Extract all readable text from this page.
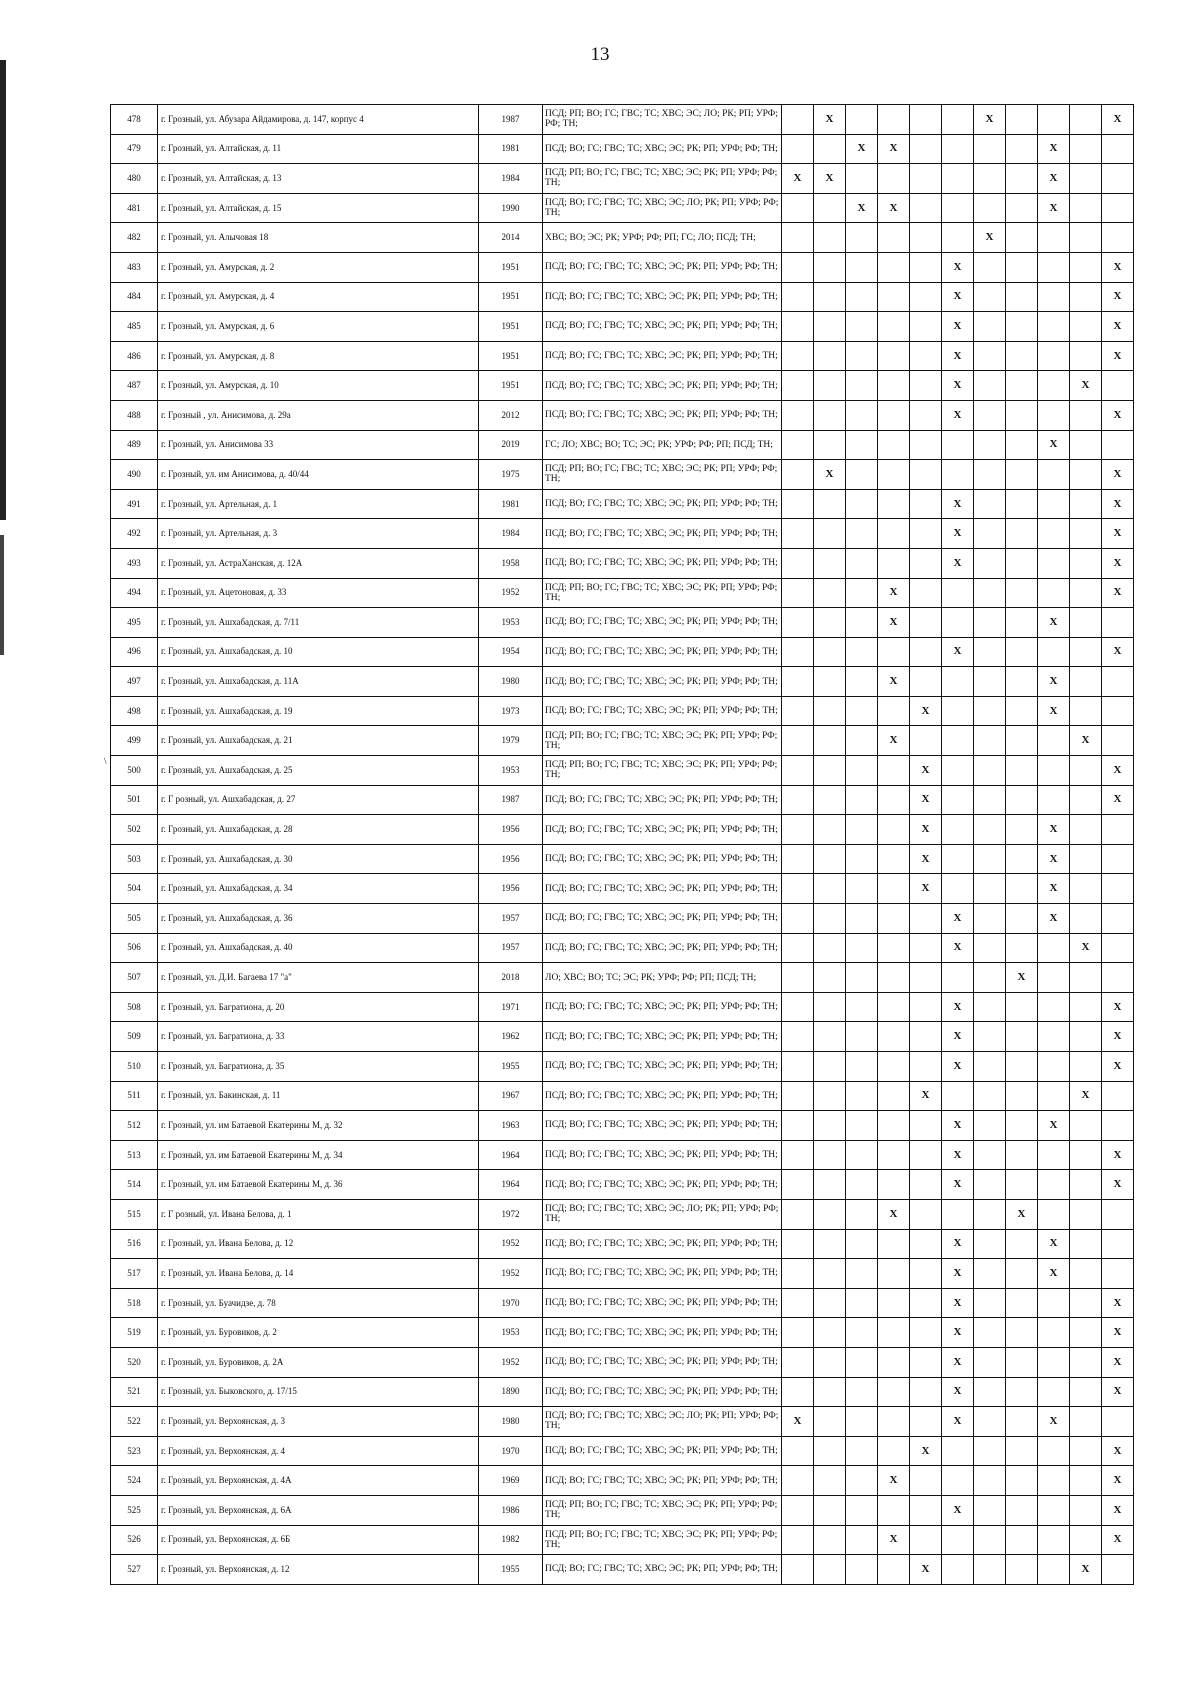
13
\
478	г. Грозный, ул. Абузара Айдамирова, д. 147, корпус 4	1987	ПСД; РП; ВО; ГС; ГВС; ТС; ХВС; ЭС; ЛО; РК; РП; УРФ; РФ; ТН;		X					X				X
479	г. Грозный, ул. Алтайская, д. 11	1981	ПСД; ВО; ГС; ГВС; ТС; ХВС; ЭС; РК; РП; УРФ; РФ; ТН;			X	X					X		
480	г. Грозный, ул. Алтайская, д. 13	1984	ПСД; РП; ВО; ГС; ГВС; ТС; ХВС; ЭС; РК; РП; УРФ; РФ; ТН;	X	X							X		
481	г. Грозный, ул. Алтайская, д. 15	1990	ПСД; ВО; ГС; ГВС; ТС; ХВС; ЭС; ЛО; РК; РП; УРФ; РФ; ТН;			X	X					X		
482	г. Грозный, ул. Алычовая 18	2014	ХВС; ВО; ЭС; РК; УРФ; РФ; РП; ГС; ЛО; ПСД; ТН;							X				
483	г. Грозный, ул. Амурская, д. 2	1951	ПСД; ВО; ГС; ГВС; ТС; ХВС; ЭС; РК; РП; УРФ; РФ; ТН;						X					X
484	г. Грозный, ул. Амурская, д. 4	1951	ПСД; ВО; ГС; ГВС; ТС; ХВС; ЭС; РК; РП; УРФ; РФ; ТН;						X					X
485	г. Грозный, ул. Амурская, д. 6	1951	ПСД; ВО; ГС; ГВС; ТС; ХВС; ЭС; РК; РП; УРФ; РФ; ТН;						X					X
486	г. Грозный, ул. Амурская, д. 8	1951	ПСД; ВО; ГС; ГВС; ТС; ХВС; ЭС; РК; РП; УРФ; РФ; ТН;						X					X
487	г. Грозный, ул. Амурская, д. 10	1951	ПСД; ВО; ГС; ГВС; ТС; ХВС; ЭС; РК; РП; УРФ; РФ; ТН;						X				X	
488	г. Грозный , ул. Анисимова, д. 29а	2012	ПСД; ВО; ГС; ГВС; ТС; ХВС; ЭС; РК; РП; УРФ; РФ; ТН;						X					X
489	г. Грозный, ул. Анисимова 33	2019	ГС; ЛО; ХВС; ВО; ТС; ЭС; РК; УРФ; РФ; РП; ПСД; ТН;									X		
490	г. Грозный, ул. им Анисимова, д. 40/44	1975	ПСД; РП; ВО; ГС; ГВС; ТС; ХВС; ЭС; РК; РП; УРФ; РФ; ТН;		X									X
491	г. Грозный, ул. Артельная, д. 1	1981	ПСД; ВО; ГС; ГВС; ТС; ХВС; ЭС; РК; РП; УРФ; РФ; ТН;						X					X
492	г. Грозный, ул. Артельная, д. 3	1984	ПСД; ВО; ГС; ГВС; ТС; ХВС; ЭС; РК; РП; УРФ; РФ; ТН;						X					X
493	г. Грозный, ул. АстраХанская, д. 12А	1958	ПСД; ВО; ГС; ГВС; ТС; ХВС; ЭС; РК; РП; УРФ; РФ; ТН;						X					X
494	г. Грозный, ул. Ацетоновая, д. 33	1952	ПСД; РП; ВО; ГС; ГВС; ТС; ХВС; ЭС; РК; РП; УРФ; РФ; ТН;				X							X
495	г. Грозный, ул. Ашхабадская, д. 7/11	1953	ПСД; ВО; ГС; ГВС; ТС; ХВС; ЭС; РК; РП; УРФ; РФ; ТН;				X					X		
496	г. Грозный, ул. Ашхабадская, д. 10	1954	ПСД; ВО; ГС; ГВС; ТС; ХВС; ЭС; РК; РП; УРФ; РФ; ТН;						X					X
497	г. Грозный, ул. Ашхабадская, д. 11А	1980	ПСД; ВО; ГС; ГВС; ТС; ХВС; ЭС; РК; РП; УРФ; РФ; ТН;				X					X		
498	г. Грозный, ул. Ашхабадская, д. 19	1973	ПСД; ВО; ГС; ГВС; ТС; ХВС; ЭС; РК; РП; УРФ; РФ; ТН;					X				X		
499	г. Грозный, ул. Ашхабадская, д. 21	1979	ПСД; РП; ВО; ГС; ГВС; ТС; ХВС; ЭС; РК; РП; УРФ; РФ; ТН;				X						X	
500	г. Грозный, ул. Ашхабадская, д. 25	1953	ПСД; РП; ВО; ГС; ГВС; ТС; ХВС; ЭС; РК; РП; УРФ; РФ; ТН;					X						X
501	г. Г розный, ул. Ашхабадская, д. 27	1987	ПСД; ВО; ГС; ГВС; ТС; ХВС; ЭС; РК; РП; УРФ; РФ; ТН;					X						X
502	г. Грозный, ул. Ашхабадская, д. 28	1956	ПСД; ВО; ГС; ГВС; ТС; ХВС; ЭС; РК; РП; УРФ; РФ; ТН;					X				X		
503	г. Грозный, ул. Ашхабадская, д. 30	1956	ПСД; ВО; ГС; ГВС; ТС; ХВС; ЭС; РК; РП; УРФ; РФ; ТН;					X				X		
504	г. Грозный, ул. Ашхабадская, д. 34	1956	ПСД; ВО; ГС; ГВС; ТС; ХВС; ЭС; РК; РП; УРФ; РФ; ТН;					X				X		
505	г. Грозный, ул. Ашхабадская, д. 36	1957	ПСД; ВО; ГС; ГВС; ТС; ХВС; ЭС; РК; РП; УРФ; РФ; ТН;						X			X		
506	г. Грозный, ул. Ашхабадская, д. 40	1957	ПСД; ВО; ГС; ГВС; ТС; ХВС; ЭС; РК; РП; УРФ; РФ; ТН;						X				X	
507	г. Грозный, ул. Д.И. Багаева 17 "а"	2018	ЛО; ХВС; ВО; ТС; ЭС; РК; УРФ; РФ; РП; ПСД; ТН;								X			
508	г. Грозный, ул. Багратиона, д. 20	1971	ПСД; ВО; ГС; ГВС; ТС; ХВС; ЭС; РК; РП; УРФ; РФ; ТН;						X					X
509	г. Грозный, ул. Багратиона, д. 33	1962	ПСД; ВО; ГС; ГВС; ТС; ХВС; ЭС; РК; РП; УРФ; РФ; ТН;						X					X
510	г. Грозный, ул. Багратиона, д. 35	1955	ПСД; ВО; ГС; ГВС; ТС; ХВС; ЭС; РК; РП; УРФ; РФ; ТН;						X					X
511	г. Грозный, ул. Бакинская, д. 11	1967	ПСД; ВО; ГС; ГВС; ТС; ХВС; ЭС; РК; РП; УРФ; РФ; ТН;					X					X	
512	г. Грозный, ул. им Батаевой Екатерины М, д. 32	1963	ПСД; ВО; ГС; ГВС; ТС; ХВС; ЭС; РК; РП; УРФ; РФ; ТН;						X			X		
513	г. Грозный, ул. им Батаевой Екатерины М, д. 34	1964	ПСД; ВО; ГС; ГВС; ТС; ХВС; ЭС; РК; РП; УРФ; РФ; ТН;						X					X
514	г. Грозный, ул. им Батаевой Екатерины М, д. 36	1964	ПСД; ВО; ГС; ГВС; ТС; ХВС; ЭС; РК; РП; УРФ; РФ; ТН;						X					X
515	г. Г розный, ул. Ивана Белова, д. 1	1972	ПСД; ВО; ГС; ГВС; ТС; ХВС; ЭС; ЛО; РК; РП; УРФ; РФ; ТН;				X				X			
516	г. Грозный, ул. Ивана Белова, д. 12	1952	ПСД; ВО; ГС; ГВС; ТС; ХВС; ЭС; РК; РП; УРФ; РФ; ТН;						X			X		
517	г. Грозный, ул. Ивана Белова, д. 14	1952	ПСД; ВО; ГС; ГВС; ТС; ХВС; ЭС; РК; РП; УРФ; РФ; ТН;						X			X		
518	г. Грозный, ул. Буачидзе, д. 78	1970	ПСД; ВО; ГС; ГВС; ТС; ХВС; ЭС; РК; РП; УРФ; РФ; ТН;						X					X
519	г. Грозный, ул. Буровиков, д. 2	1953	ПСД; ВО; ГС; ГВС; ТС; ХВС; ЭС; РК; РП; УРФ; РФ; ТН;						X					X
520	г. Грозный, ул. Буровиков, д. 2А	1952	ПСД; ВО; ГС; ГВС; ТС; ХВС; ЭС; РК; РП; УРФ; РФ; ТН;						X					X
521	г. Грозный, ул. Быковского, д. 17/15	1890	ПСД; ВО; ГС; ГВС; ТС; ХВС; ЭС; РК; РП; УРФ; РФ; ТН;						X					X
522	г. Грозный, ул. Верхоянская, д. 3	1980	ПСД; ВО; ГС; ГВС; ТС; ХВС; ЭС; ЛО; РК; РП; УРФ; РФ; ТН;	X					X			X		
523	г. Грозный, ул. Верхоянская, д. 4	1970	ПСД; ВО; ГС; ГВС; ТС; ХВС; ЭС; РК; РП; УРФ; РФ; ТН;					X						X
524	г. Грозный, ул. Верхоянская, д. 4А	1969	ПСД; ВО; ГС; ГВС; ТС; ХВС; ЭС; РК; РП; УРФ; РФ; ТН;				X							X
525	г. Грозный, ул. Верхоянская, д. 6А	1986	ПСД; РП; ВО; ГС; ГВС; ТС; ХВС; ЭС; РК; РП; УРФ; РФ; ТН;						X					X
526	г. Грозный, ул. Верхоянская, д. 6Б	1982	ПСД; РП; ВО; ГС; ГВС; ТС; ХВС; ЭС; РК; РП; УРФ; РФ; ТН;				X							X
527	г. Грозный, ул. Верхоянская, д. 12	1955	ПСД; ВО; ГС; ГВС; ТС; ХВС; ЭС; РК; РП; УРФ; РФ; ТН;					X					X	
